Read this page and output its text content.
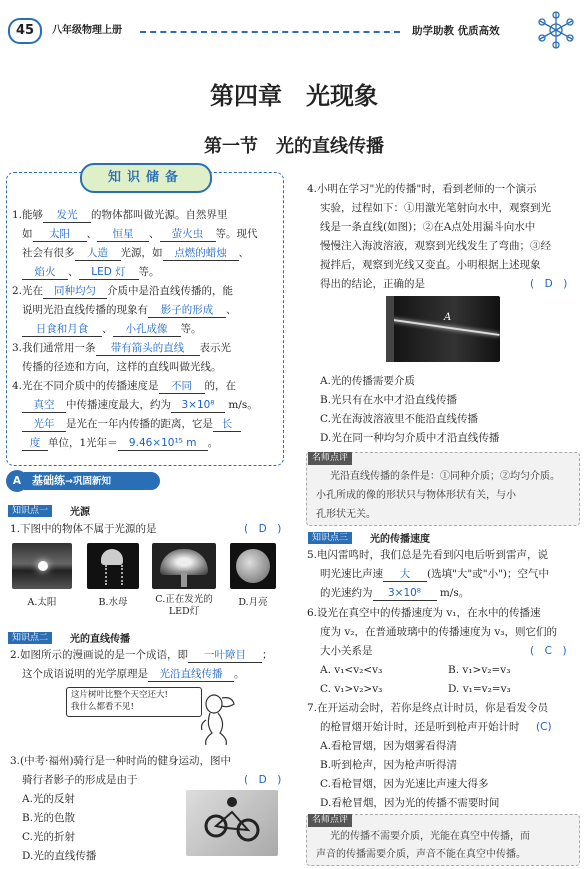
45	八年级物理上册	助学助教 优质高效
第四章　光现象
第一节　光的直线传播
知识储备
1.能够 发光 的物体都叫做光源。自然界里
如 太阳 、 恒星 、 萤火虫 等。现代
社会有很多 人造 光源，如 点燃的蜡烛 、
焰火 、 LED 灯 等。
2.光在 同种均匀 介质中是沿直线传播的，能
说明光沿直线传播的现象有 影子的形成 、
日食和月食 、 小孔成像 等。
3.我们通常用一条 带有箭头的直线 表示光
传播的径迹和方向，这样的直线叫做光线。
4.光在不同介质中的传播速度是 不同 的，在
真空 中传播速度最大，约为 3×10⁸ m/s。
光年 是光在一年内传播的距离，它是 长
度 单位，1光年＝ 9.46×10¹⁵ m 。
A 基础练→巩固新知
知识点一	光源
1.下图中的物体不属于光源的是	(　D　)
A.太阳	B.水母	C.正在发光的LED灯
D.月亮
知识点二	光的直线传播
2.如图所示的漫画说的是一个成语，即 一叶障目 ；
这个成语说明的光学原理是 光沿直线传播 。
这片树叶比整个天空还大!
我什么都看不见!
3.(中考·福州)骑行是一种时尚的健身运动，图中
骑行者影子的形成是由于	(　D　)
A.光的反射
B.光的色散
C.光的折射
D.光的直线传播
4.小明在学习"光的传播"时，看到老师的一个演示
实验，过程如下：①用激光笔射向水中，观察到光
线是一条直线(如图)；②在A点处用漏斗向水中
慢慢注入海波溶液，观察到光线发生了弯曲；③经
搅拌后，观察到光线又变直。小明根据上述现象
得出的结论，正确的是	(　D　)
A
A.光的传播需要介质
B.光只有在水中才沿直线传播
C.光在海波溶液里不能沿直线传播
D.光在同一种均匀介质中才沿直线传播
名师点评
光沿直线传播的条件是：①同种介质；②均匀介质。
小孔所成的像的形状只与物体形状有关，与小
孔形状无关。
知识点三	光的传播速度
5.电闪雷鸣时，我们总是先看到闪电后听到雷声，说
明光速比声速 大 (选填"大"或"小")；空气中
的光速约为 3×10⁸ m/s。
6.设光在真空中的传播速度为 v₁，在水中的传播速
度为 v₂，在普通玻璃中的传播速度为 v₃，则它们的
大小关系是	(　C　)
A. v₁<v₂<v₃	B. v₁>v₂=v₃
C. v₁>v₂>v₃	D. v₁=v₂=v₃
7.在开运动会时，若你是终点计时员，你是看发令员
的枪冒烟开始计时，还是听到枪声开始计时 (C)
A.看枪冒烟，因为烟雾看得清
B.听到枪声，因为枪声听得清
C.看枪冒烟，因为光速比声速大得多
D.看枪冒烟，因为光的传播不需要时间
名师点评
光的传播不需要介质，光能在真空中传播，而
声音的传播需要介质，声音不能在真空中传播。
